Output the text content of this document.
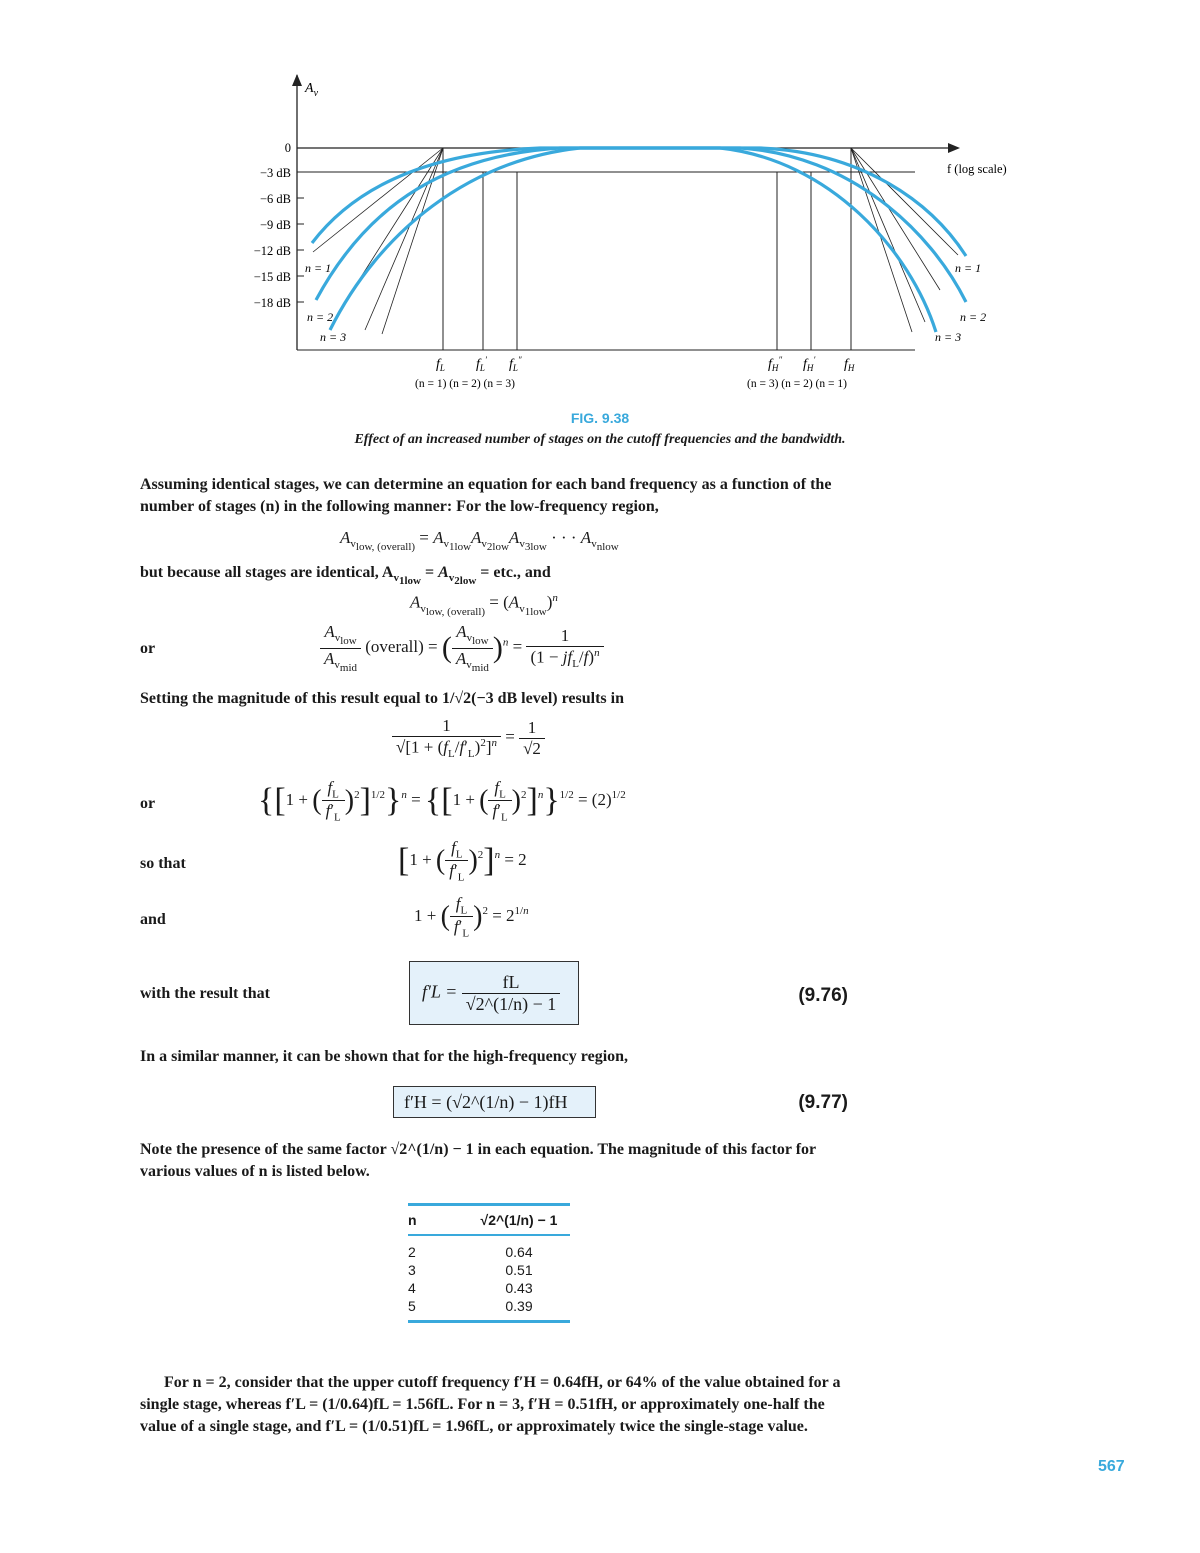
$A_v$
0
−3 dB
−6 dB
−9 dB
−12 dB
−15 dB
−18 dB
f (log scale)
n = 1
n = 2
n = 3
n = 1
n = 2
n = 3
$f_L$ $f_L'$ $f_L''$	$f_H''$ $f_H'$ $f_H$
(n = 1) (n = 2) (n = 3)	(n = 3) (n = 2) (n = 1)
FIG. 9.38
Effect of an increased number of stages on the cutoff frequencies and the bandwidth.
Assuming identical stages, we can determine an equation for each band frequency as a function of the number of stages (n) in the following manner: For the low-frequency region,
$A_{v_{low, (overall)}} = A_{v_{1low}}A_{v_{2low}}A_{v_{3low}}$ · · · $A_{v_{nlow}}$
but because all stages are identical, $A_{v_{1low}} = A_{v_{2low}}$ = etc., and
$A_{v_{low, (overall)}} = (A_{v_{1low}})^n$
or	$\frac{A_{v_{low}}}{A_{v_{mid}}}$ (overall) = ( $\frac{A_{v_{low}}}{A_{v_{mid}}} )^n = \frac{1}{(1 - jf_L/f)^n}$
Setting the magnitude of this result equal to 1/√2(−3 dB level) results in
$\frac{1}{√[1 + (f_L/f'_L)^2]^n} = \frac{1}{√2}$
or	{[1 + ( $\frac{f_L}{f'_L} )^2]^{1/2}\}^n = \{[1$ + ( $\frac{f_L}{f'_L} )^2]^n\}^{1/2} = (2)^{1/2}$
so that	[1 + ( $\frac{f_L}{f'_L} )^2]^n = 2$
and	1 + ( $\frac{f_L}{f'_L} )^2 = 2^{1/n}$
with the result that	$f'L = \frac{fL}{√2\^{}(1/n) - 1}$	(9.76)
In a similar manner, it can be shown that for the high-frequency region,
f′H = (√2^(1/n) − 1)fH	(9.77)
Note the presence of the same factor √2^(1/n) − 1 in each equation. The magnitude of this factor for various values of n is listed below.
n	√2^(1/n) − 1
2	0.64
3	0.51
4	0.43
5	0.39
For n = 2, consider that the upper cutoff frequency f′H = 0.64fH, or 64% of the value obtained for a single stage, whereas f′L = (1/0.64)fL = 1.56fL. For n = 3, f′H = 0.51fH, or approximately one-half the value of a single stage, and f′L = (1/0.51)fL = 1.96fL, or approximately twice the single-stage value.
567
